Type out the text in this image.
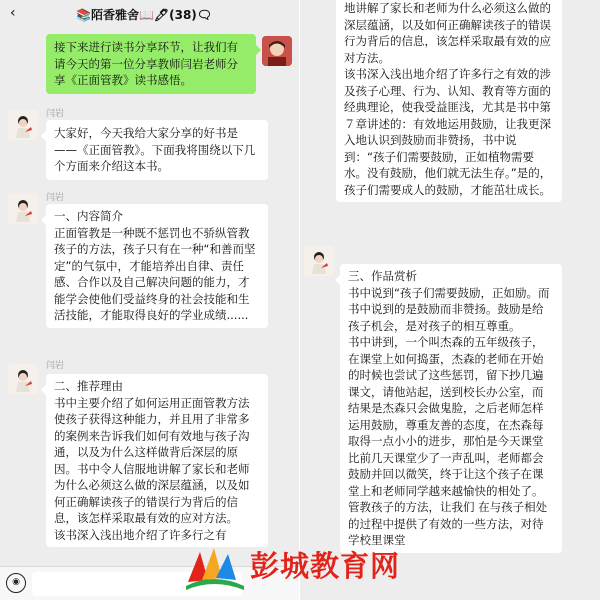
‹	📚陌香雅舍📖🖊(38)🗨
接下来进行读书分享环节，让我们有请今天的第一位分享教师闫岩老师分享《正面管教》读书感悟。
闫岩
大家好，今天我给大家分享的好书是——《正面管教》。下面我将围绕以下几个方面来介绍这本书。
闫岩
一、内容简介
正面管教是一种既不惩罚也不骄纵管教孩子的方法，孩子只有在一种“和善而坚定”的气氛中，才能培养出自律、责任感、合作以及自己解决问题的能力，才能学会使他们受益终身的社会技能和生活技能，才能取得良好的学业成绩......
闫岩
二、推荐理由
书中主要介绍了如何运用正面管教方法使孩子获得这种能力，并且用了非常多的案例来告诉我们如何有效地与孩子沟通，以及为什么这样做背后深层的原因。书中令人信服地讲解了家长和老师为什么必须这么做的深层蕴涵，以及如何正确解读孩子的错误行为背后的信息，该怎样采取最有效的应对方法。
该书深入浅出地介绍了许多行之有
◉
地讲解了家长和老师为什么必须这么做的深层蕴涵，以及如何正确解读孩子的错误行为背后的信息，该怎样采取最有效的应对方法。
该书深入浅出地介绍了许多行之有效的涉及孩子心理、行为、认知、教育等方面的经典理论，使我受益匪浅，尤其是书中第７章讲述的：有效地运用鼓励，让我更深入地认识到鼓励而非赞扬，书中说到：“孩子们需要鼓励，正如植物需要水。没有鼓励，他们就无法生存。”是的，孩子们需要成人的鼓励，才能茁壮成长。
三、作品赏析
书中说到“孩子们需要鼓励，正如励。而书中说到的是鼓励而非赞扬。鼓励是给孩子机会，是对孩子的相互尊重。
书中讲到，一个叫杰森的五年级孩子，在课堂上如何捣蛋，杰森的老师在开始的时候也尝试了这些惩罚，留下抄几遍课文，请他站起，送到校长办公室，而结果是杰森只会做鬼脸，之后老师怎样运用鼓励，尊重友善的态度，在杰森每取得一点小小的进步，那怕是今天课堂比前几天课堂少了一声乱叫，老师都会鼓励并回以微笑，终于让这个孩子在课堂上和老师同学越来越愉快的相处了。
管教孩子的方法，让我们 在与孩子相处的过程中提供了有效的一些方法，对待学校里课堂
彭城教育网
